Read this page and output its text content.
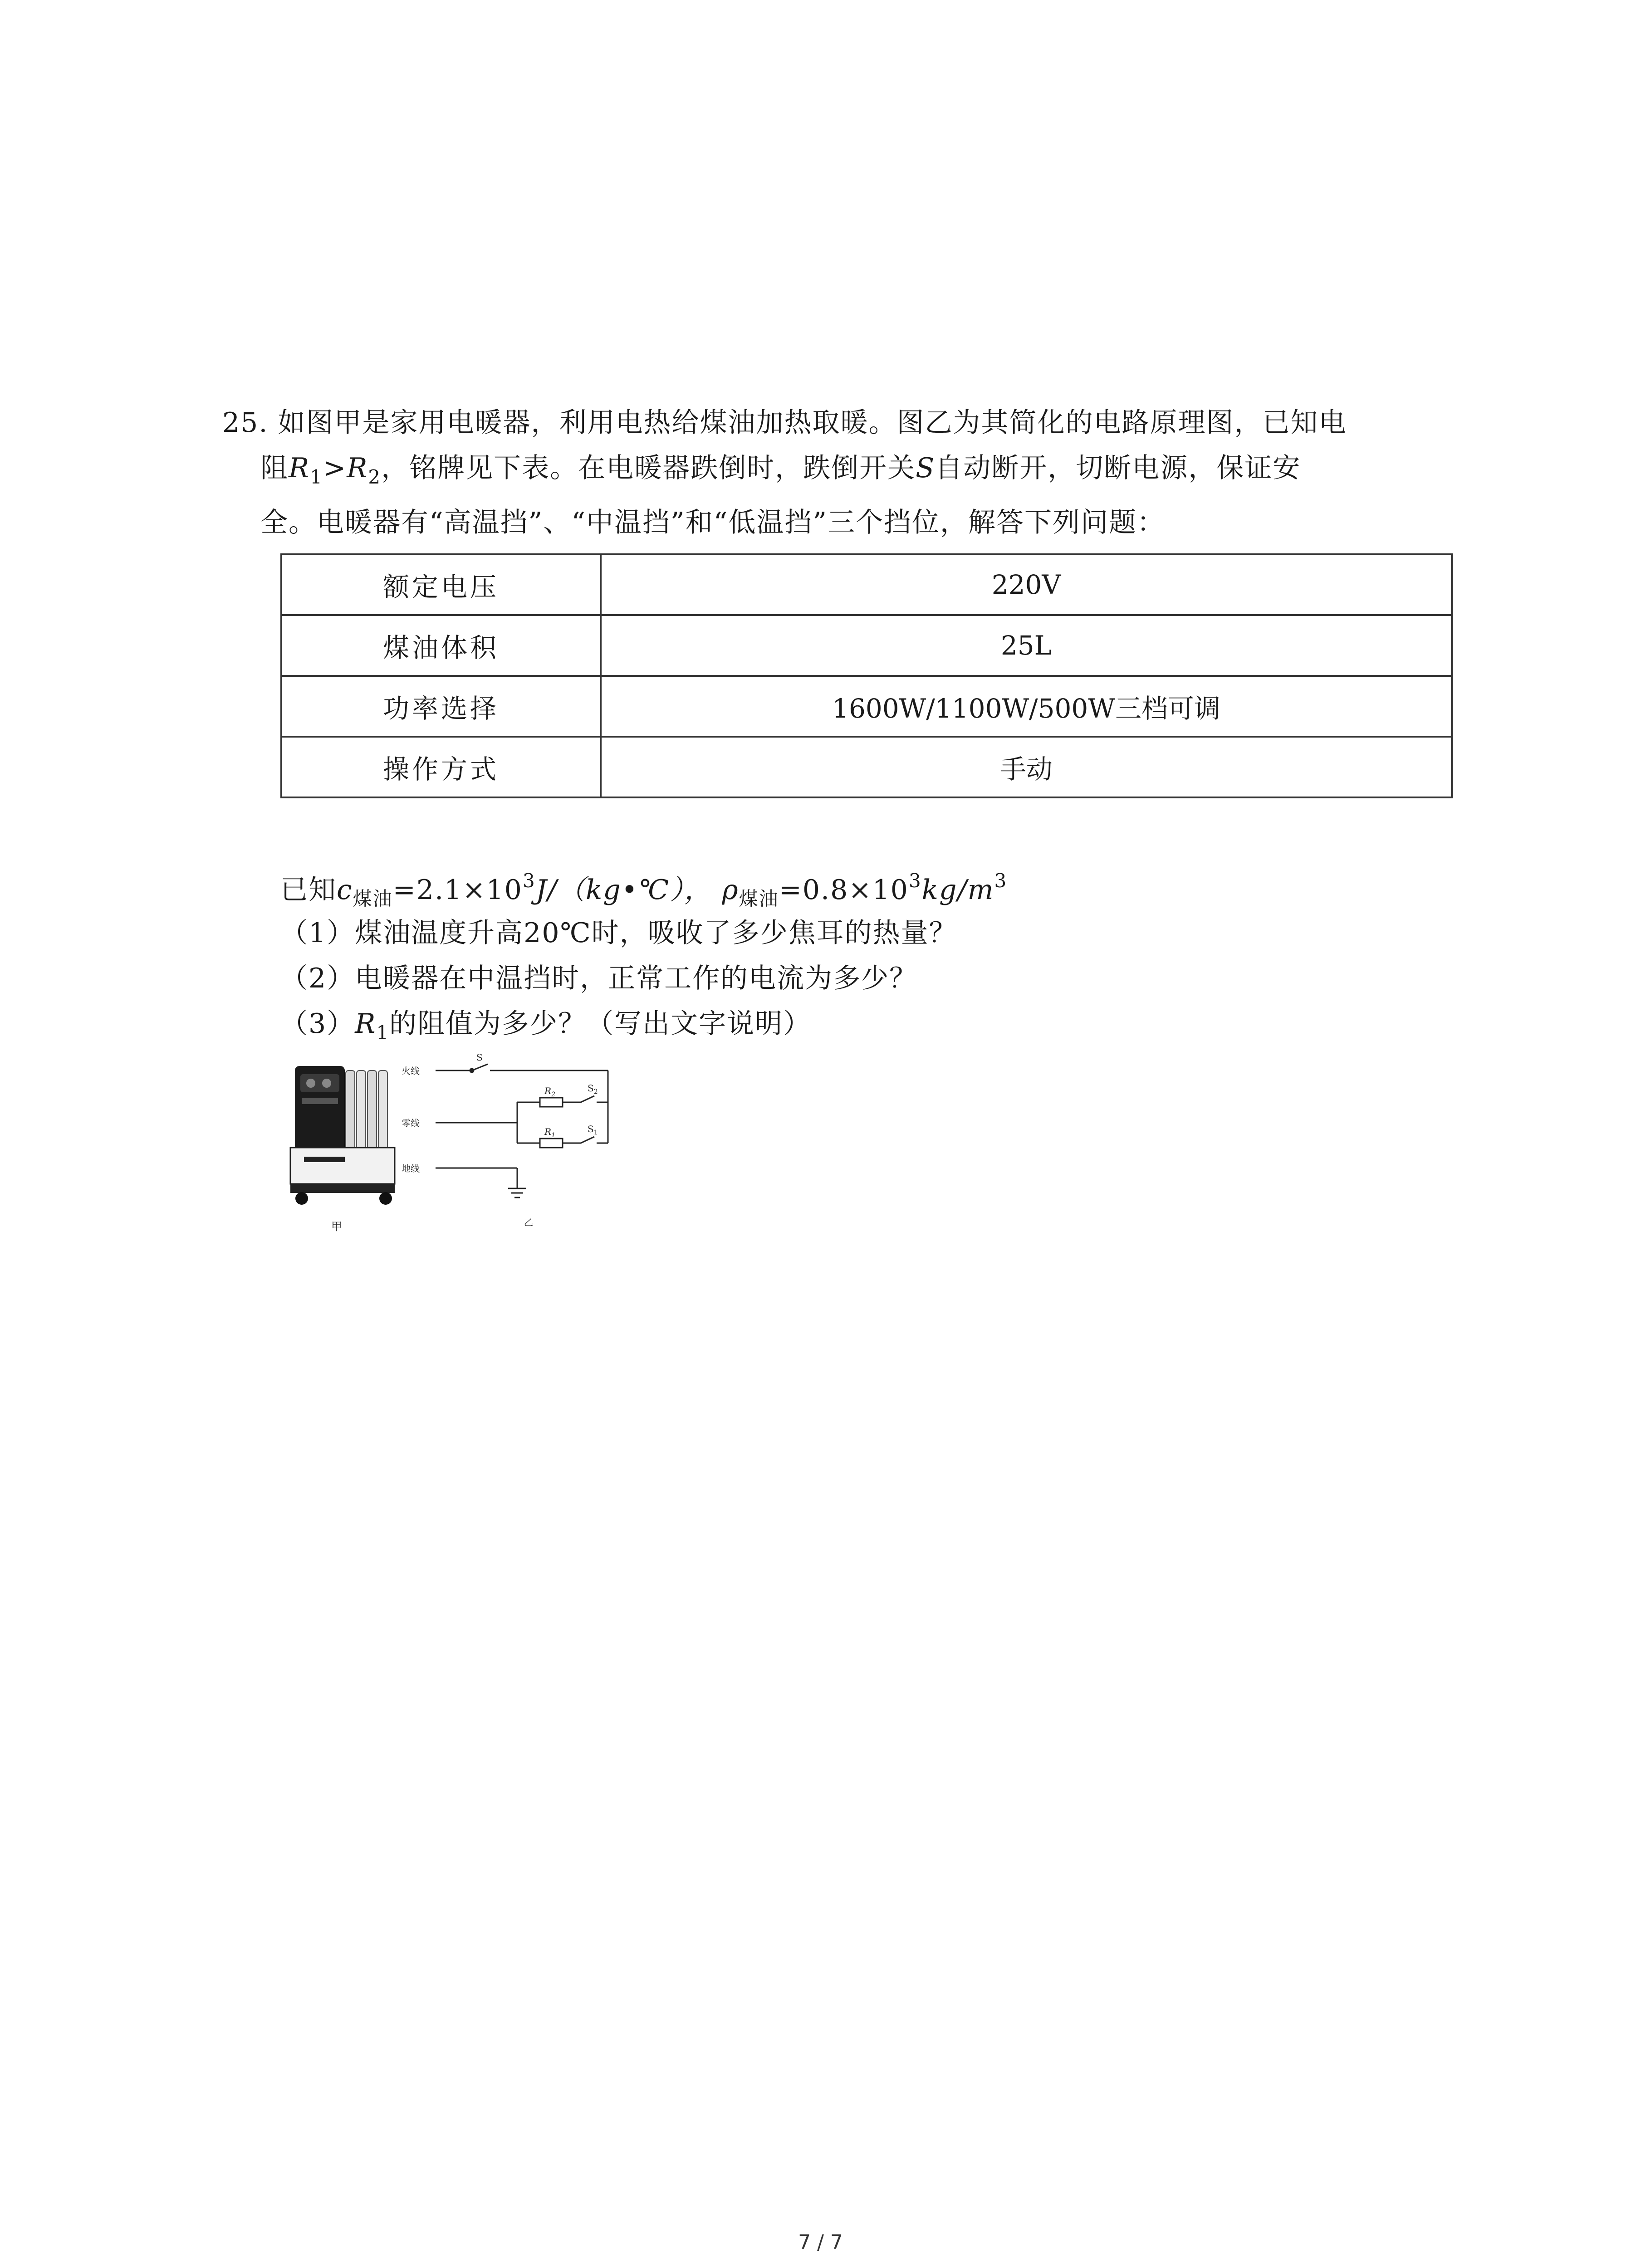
25. 如图甲是家用电暖器，利用电热给煤油加热取暖。图乙为其简化的电路原理图，已知电
阻$R_1>R_2$，铭牌见下表。在电暖器跌倒时，跌倒开关S自动断开，切断电源，保证安
全。电暖器有“高温挡”、“中温挡”和“低温挡”三个挡位，解答下列问题：
额定电压	220V
煤油体积	25L
功率选择	1600W/1100W/500W三档可调
操作方式	手动
已知$c_{煤油}=2.1\times 10^3J/(kg•℃)$， $\rho_{煤油}=0.8\times 10^3kg/m^3$
（1）煤油温度升高20℃时，吸收了多少焦耳的热量？
（2）电暖器在中温挡时，正常工作的电流为多少？
$(3)R_1$的阻值为多少？（写出文字说明）
甲
火线
零线
地线
S
$R_2$
$S_2$
$R_1$
$S_1$
乙
7 / 7
